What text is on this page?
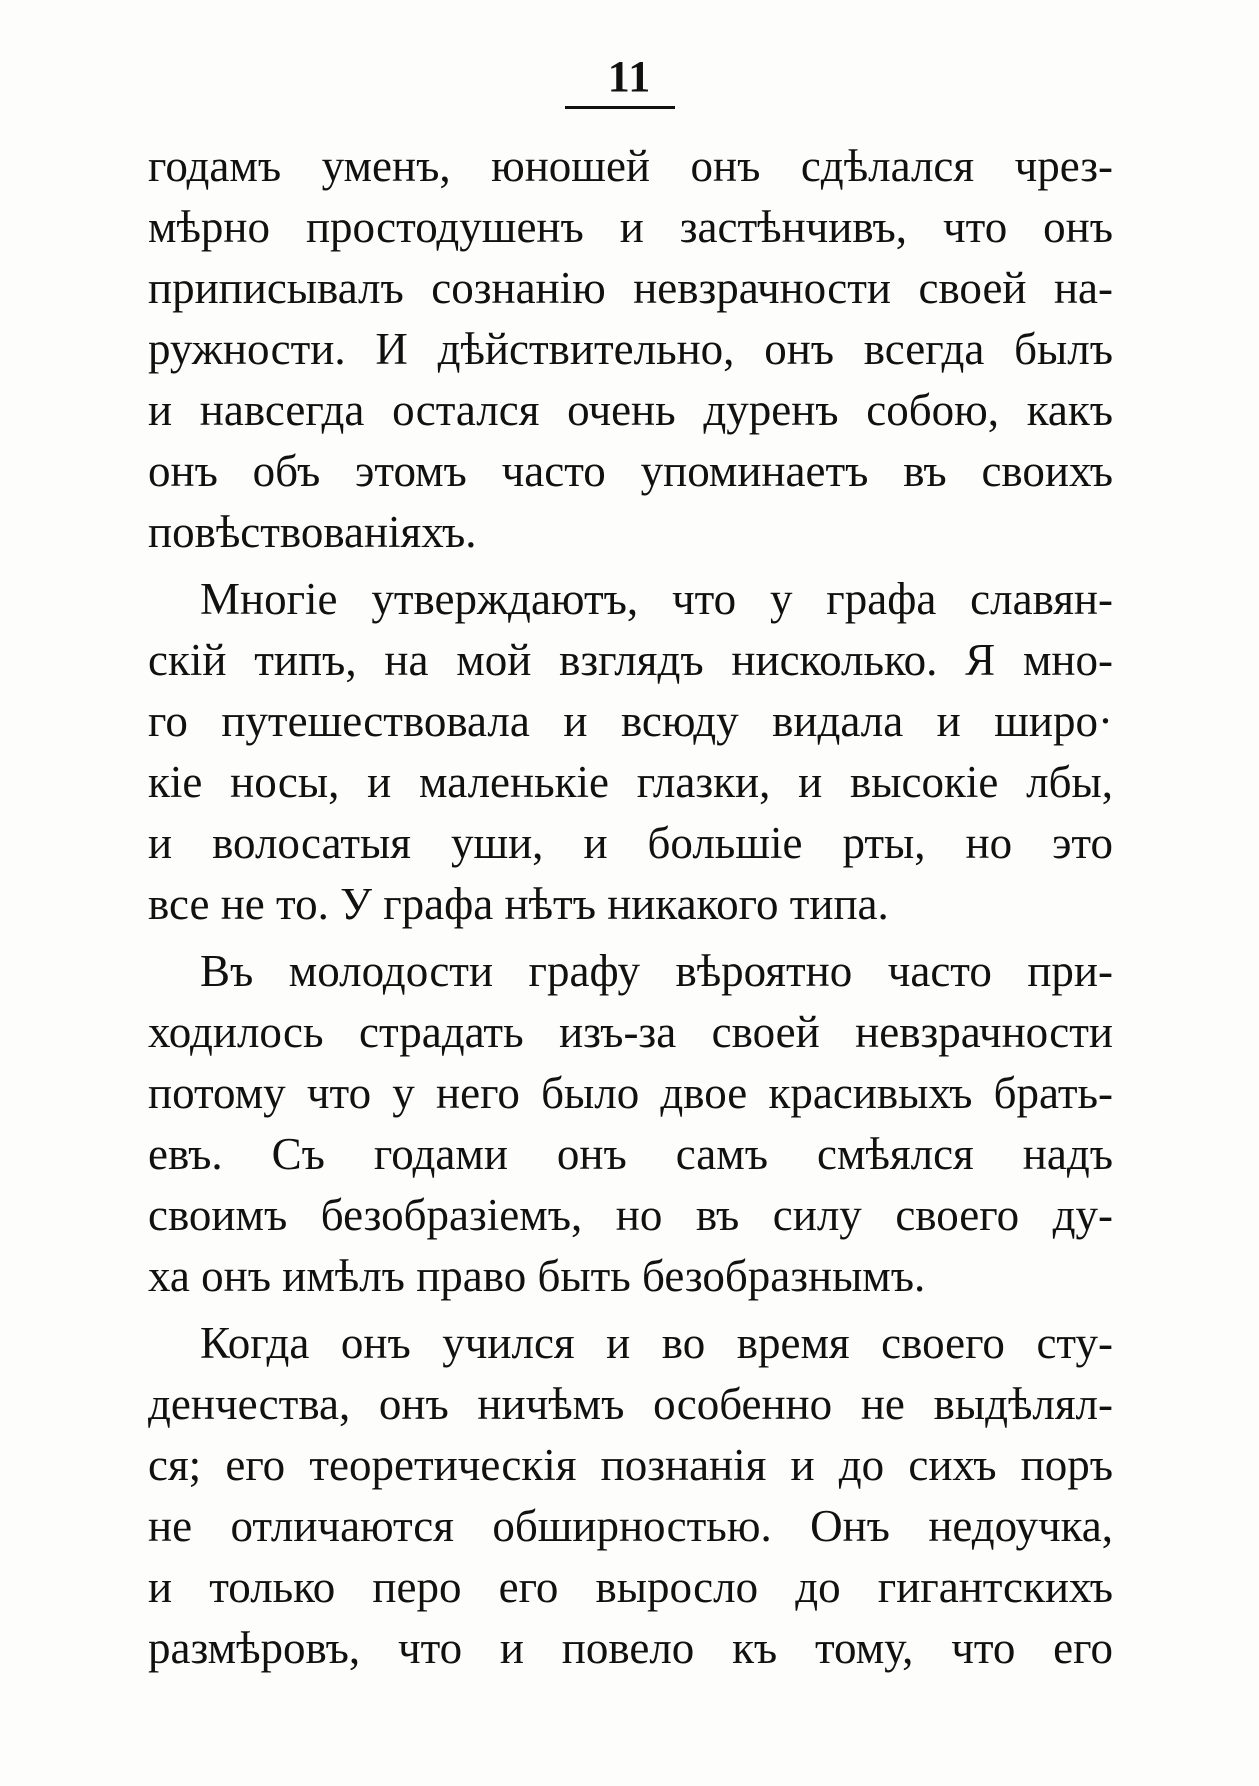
11
годамъ уменъ, юношей онъ сдѣлался чрез-
мѣрно простодушенъ и застѣнчивъ, что онъ
приписывалъ сознанію невзрачности своей на-
ружности. И дѣйствительно, онъ всегда былъ
и навсегда остался очень дуренъ собою, какъ
онъ объ этомъ часто упоминаетъ въ своихъ
повѣствованіяхъ.
Многіе утверждаютъ, что у графа славян-
скій типъ, на мой взглядъ нисколько. Я мно-
го путешествовала и всюду видала и широ·
кіе носы, и маленькіе глазки, и высокіе лбы,
и волосатыя уши, и большіе рты, но это
все не то. У графа нѣтъ никакого типа.
Въ молодости графу вѣроятно часто при-
ходилось страдать изъ-за своей невзрачности
потому что у него было двое красивыхъ брать-
евъ. Съ годами онъ самъ смѣялся надъ
своимъ безобразіемъ, но въ силу своего ду-
ха онъ имѣлъ право быть безобразнымъ.
Когда онъ учился и во время своего сту-
денчества, онъ ничѣмъ особенно не выдѣлял-
ся; его теоретическія познанія и до сихъ поръ
не отличаются обширностью. Онъ недоучка,
и только перо его выросло до гигантскихъ
размѣровъ, что и повело къ тому, что его
